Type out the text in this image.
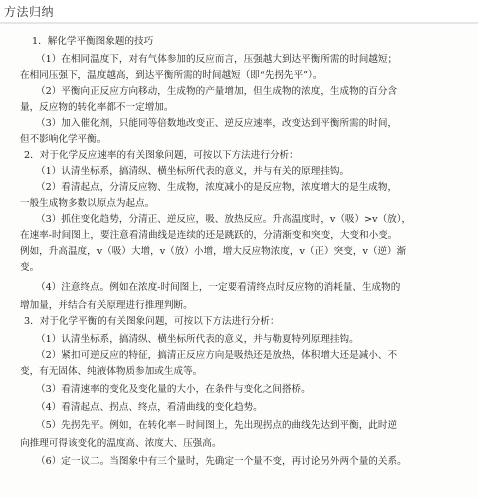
方法归纳
1．解化学平衡图象题的技巧
（1）在相同温度下，对有气体参加的反应而言，压强越大到达平衡所需的时间越短；
在相同压强下，温度越高，到达平衡所需的时间越短（即“先拐先平”）。
（2）平衡向正反应方向移动，生成物的产量增加，但生成物的浓度，生成物的百分含
量，反应物的转化率都不一定增加。
（3）加入催化剂，只能同等倍数地改变正、逆反应速率，改变达到平衡所需的时间，
但不影响化学平衡。
2．对于化学反应速率的有关图象问题，可按以下方法进行分析：
（1）认清坐标系，搞清纵、横坐标所代表的意义，并与有关的原理挂钩。
（2）看清起点，分清反应物、生成物，浓度减小的是反应物，浓度增大的是生成物，
一般生成物多数以原点为起点。
（3）抓住变化趋势，分清正、逆反应，吸、放热反应。升高温度时，v（吸）>v（放），
在速率-时间图上，要注意看清曲线是连续的还是跳跃的，分清渐变和突变，大变和小变。
例如，升高温度，v（吸）大增，v（放）小增，增大反应物浓度，v（正）突变，v（逆）渐
变。
（4）注意终点。例如在浓度-时间图上，一定要看清终点时反应物的消耗量、生成物的
增加量，并结合有关原理进行推理判断。
3．对于化学平衡的有关图象问题，可按以下方法进行分析：
（1）认清坐标系，搞清纵、横坐标所代表的意义，并与勒夏特列原理挂钩。
（2）紧扣可逆反应的特征，搞清正反应方向是吸热还是放热，体积增大还是减小、不
变，有无固体、纯液体物质参加或生成等。
（3）看清速率的变化及变化量的大小，在条件与变化之间搭桥。
（4）看清起点、拐点、终点，看清曲线的变化趋势。
（5）先拐先平。例如，在转化率－时间图上，先出现拐点的曲线先达到平衡，此时逆
向推理可得该变化的温度高、浓度大、压强高。
（6）定一议二。当图象中有三个量时，先确定一个量不变，再讨论另外两个量的关系。
